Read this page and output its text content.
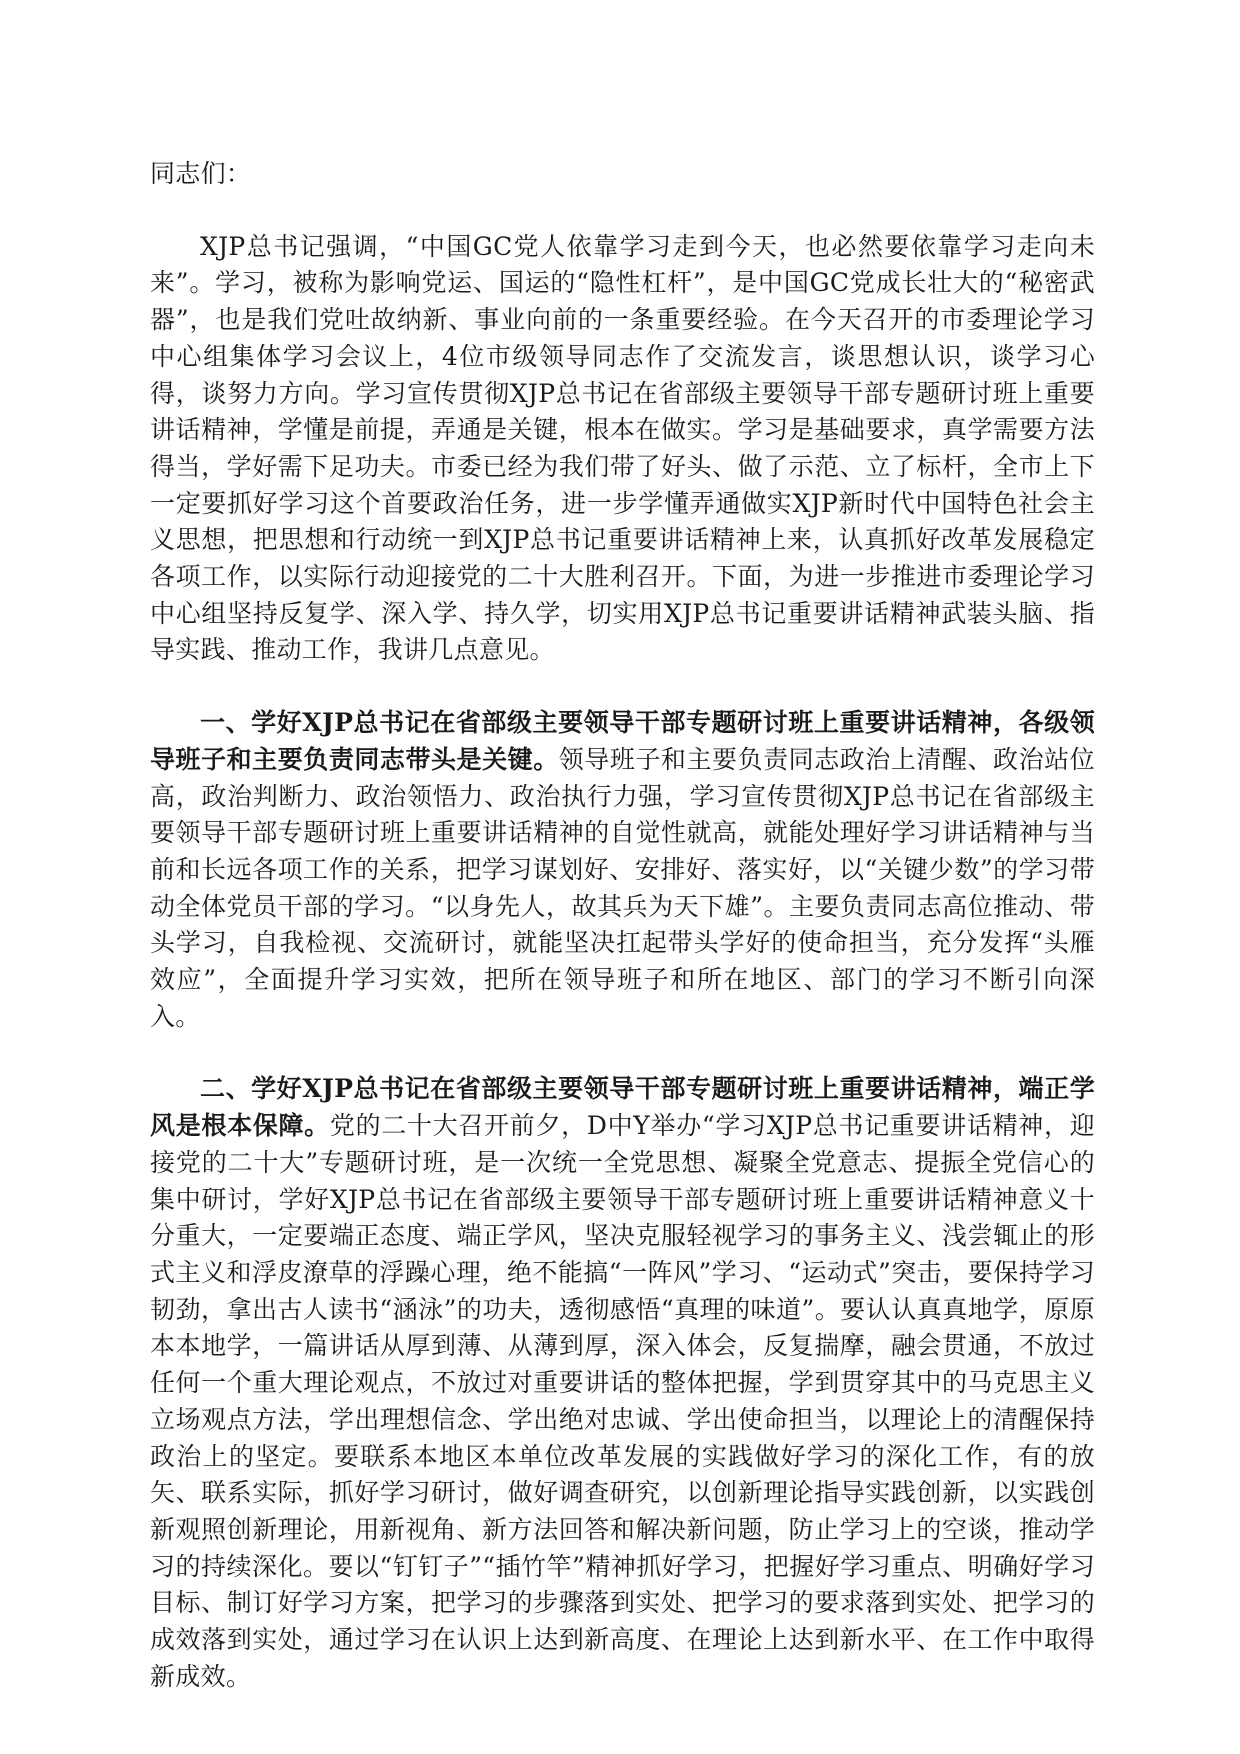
同志们：

XJP总书记强调，“中国GC党人依靠学习走到今天，也必然要依靠学习走向未来”。学习，被称为影响党运、国运的“隐性杠杆”，是中国GC党成长壮大的“秘密武器”，也是我们党吐故纳新、事业向前的一条重要经验。在今天召开的市委理论学习中心组集体学习会议上，4位市级领导同志作了交流发言，谈思想认识，谈学习心得，谈努力方向。学习宣传贯彻XJP总书记在省部级主要领导干部专题研讨班上重要讲话精神，学懂是前提，弄通是关键，根本在做实。学习是基础要求，真学需要方法得当，学好需下足功夫。市委已经为我们带了好头、做了示范、立了标杆，全市上下一定要抓好学习这个首要政治任务，进一步学懂弄通做实XJP新时代中国特色社会主义思想，把思想和行动统一到XJP总书记重要讲话精神上来，认真抓好改革发展稳定各项工作，以实际行动迎接党的二十大胜利召开。下面，为进一步推进市委理论学习中心组坚持反复学、深入学、持久学，切实用XJP总书记重要讲话精神武装头脑、指导实践、推动工作，我讲几点意见。

一、学好XJP总书记在省部级主要领导干部专题研讨班上重要讲话精神，各级领导班子和主要负责同志带头是关键。领导班子和主要负责同志政治上清醒、政治站位高，政治判断力、政治领悟力、政治执行力强，学习宣传贯彻XJP总书记在省部级主要领导干部专题研讨班上重要讲话精神的自觉性就高，就能处理好学习讲话精神与当前和长远各项工作的关系，把学习谋划好、安排好、落实好，以“关键少数”的学习带动全体党员干部的学习。“以身先人，故其兵为天下雄”。主要负责同志高位推动、带头学习，自我检视、交流研讨，就能坚决扛起带头学好的使命担当，充分发挥“头雁效应”，全面提升学习实效，把所在领导班子和所在地区、部门的学习不断引向深入。

二、学好XJP总书记在省部级主要领导干部专题研讨班上重要讲话精神，端正学风是根本保障。党的二十大召开前夕，D中Y举办“学习XJP总书记重要讲话精神，迎接党的二十大”专题研讨班，是一次统一全党思想、凝聚全党意志、提振全党信心的集中研讨，学好XJP总书记在省部级主要领导干部专题研讨班上重要讲话精神意义十分重大，一定要端正态度、端正学风，坚决克服轻视学习的事务主义、浅尝辄止的形式主义和浮皮潦草的浮躁心理，绝不能搞“一阵风”学习、“运动式”突击，要保持学习韧劲，拿出古人读书“涵泳”的功夫，透彻感悟“真理的味道”。要认认真真地学，原原本本地学，一篇讲话从厚到薄、从薄到厚，深入体会，反复揣摩，融会贯通，不放过任何一个重大理论观点，不放过对重要讲话的整体把握，学到贯穿其中的马克思主义立场观点方法，学出理想信念、学出绝对忠诚、学出使命担当，以理论上的清醒保持政治上的坚定。要联系本地区本单位改革发展的实践做好学习的深化工作，有的放矢、联系实际，抓好学习研讨，做好调查研究，以创新理论指导实践创新，以实践创新观照创新理论，用新视角、新方法回答和解决新问题，防止学习上的空谈，推动学习的持续深化。要以“钉钉子”“插竹竿”精神抓好学习，把握好学习重点、明确好学习目标、制订好学习方案，把学习的步骤落到实处、把学习的要求落到实处、把学习的成效落到实处，通过学习在认识上达到新高度、在理论上达到新水平、在工作中取得新成效。
